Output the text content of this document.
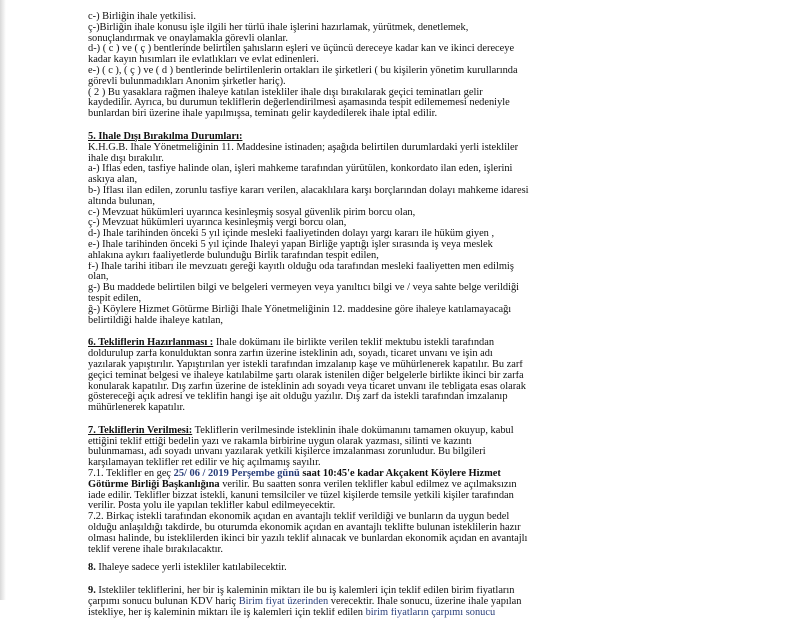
c-) Birliğin ihale yetkilisi.
ç-)Birliğin ihale konusu işle ilgili her türlü ihale işlerini hazırlamak, yürütmek, denetlemek,
sonuçlandırmak ve onaylamakla görevli olanlar.
d-) ( c ) ve ( ç ) bentlerinde belirtilen şahısların eşleri ve üçüncü dereceye kadar kan ve ikinci dereceye
kadar kayın hısımları ile evlatlıkları ve evlat edinenleri.
e-) ( c ), ( ç ) ve ( d ) bentlerinde belirtilenlerin ortakları ile şirketleri ( bu kişilerin yönetim kurullarında
görevli bulunmadıkları Anonim şirketler hariç).
( 2 ) Bu yasaklara rağmen ihaleye katılan istekliler ihale dışı bırakılarak geçici teminatları gelir
kaydedilir. Ayrıca, bu durumun tekliflerin değerlendirilmesi aşamasında tespit edilememesi nedeniyle
bunlardan biri üzerine ihale yapılmışsa, teminatı gelir kaydedilerek ihale iptal edilir.
5. İhale Dışı Bırakılma Durumları:
K.H.G.B. İhale Yönetmeliğinin 11. Maddesine istinaden; aşağıda belirtilen durumlardaki yerli istekliler
ihale dışı bırakılır.
a-) İflas eden, tasfiye halinde olan, işleri mahkeme tarafından yürütülen, konkordato ilan eden, işlerini
askıya alan,
b-) İflası ilan edilen, zorunlu tasfiye kararı verilen, alacaklılara karşı borçlarından dolayı mahkeme idaresi
altında bulunan,
c-) Mevzuat hükümleri uyarınca kesinleşmiş sosyal güvenlik pirim borcu olan,
ç-) Mevzuat hükümleri uyarınca kesinleşmiş vergi borcu olan,
d-) İhale tarihinden önceki 5 yıl içinde mesleki faaliyetinden dolayı yargı kararı ile hüküm giyen ,
e-) İhale tarihinden önceki 5 yıl içinde İhaleyi yapan Birliğe yaptığı işler sırasında iş veya meslek
ahlakına aykırı faaliyetlerde bulunduğu Birlik tarafından tespit edilen,
f-) İhale tarihi itibarı ile mevzuatı gereği kayıtlı olduğu oda tarafından mesleki faaliyetten men edilmiş
olan,
g-) Bu maddede belirtilen bilgi ve belgeleri vermeyen veya yanıltıcı bilgi ve / veya sahte belge verildiği
tespit edilen,
ğ-) Köylere Hizmet Götürme Birliği İhale Yönetmeliğinin 12. maddesine göre ihaleye katılamayacağı
belirtildiği halde ihaleye katılan,
6. Tekliflerin Hazırlanması : İhale dokümanı ile birlikte verilen teklif mektubu istekli tarafından
doldurulup zarfa konulduktan sonra zarfın üzerine isteklinin adı, soyadı, ticaret unvanı ve işin adı
yazılarak yapıştırılır. Yapıştırılan yer istekli tarafından imzalanıp kaşe ve mühürlenerek kapatılır. Bu zarf
geçici teminat belgesi ve ihaleye katılabilme şartı olarak istenilen diğer belgelerle birlikte ikinci bir zarfa
konularak kapatılır. Dış zarfın üzerine de isteklinin adı soyadı veya ticaret unvanı ile tebligata esas olarak
göstereceği açık adresi ve teklifin hangi işe ait olduğu yazılır. Dış zarf da istekli tarafından imzalanıp
mühürlenerek kapatılır.
7. Tekliflerin Verilmesi: Tekliflerin verilmesinde isteklinin ihale dokümanını tamamen okuyup, kabul
ettiğini teklif ettiği bedelin yazı ve rakamla birbirine uygun olarak yazması, silinti ve kazıntı
bulunmaması, adı soyadı unvanı yazılarak yetkili kişilerce imzalanması zorunludur. Bu bilgileri
karşılamayan teklifler ret edilir ve hiç açılmamış sayılır.
7.1. Teklifler en geç 25/ 06 / 2019 Perşembe günü saat 10:45'e kadar Akçakent Köylere Hizmet
Götürme Birliği Başkanlığına verilir. Bu saatten sonra verilen teklifler kabul edilmez ve açılmaksızın
iade edilir. Teklifler bizzat istekli, kanuni temsilciler ve tüzel kişilerde temsile yetkili kişiler tarafından
verilir. Posta yolu ile yapılan teklifler kabul edilmeyecektir.
7.2. Birkaç istekli tarafından ekonomik açıdan en avantajlı teklif verildiği ve bunların da uygun bedel
olduğu anlaşıldığı takdirde, bu oturumda ekonomik açıdan en avantajlı teklifte bulunan isteklilerin hazır
olması halinde, bu isteklilerden ikinci bir yazılı teklif alınacak ve bunlardan ekonomik açıdan en avantajlı
teklif verene ihale bırakılacaktır.
8. İhaleye sadece yerli istekliler katılabilecektir.
9. İstekliler tekliflerini, her bir iş kaleminin miktarı ile bu iş kalemleri için teklif edilen birim fiyatların
çarpımı sonucu bulunan KDV hariç Birim fiyat üzerinden verecektir. İhale sonucu, üzerine ihale yapılan
istekliye, her iş kaleminin miktarı ile iş kalemleri için teklif edilen birim fiyatların çarpımı sonucu
